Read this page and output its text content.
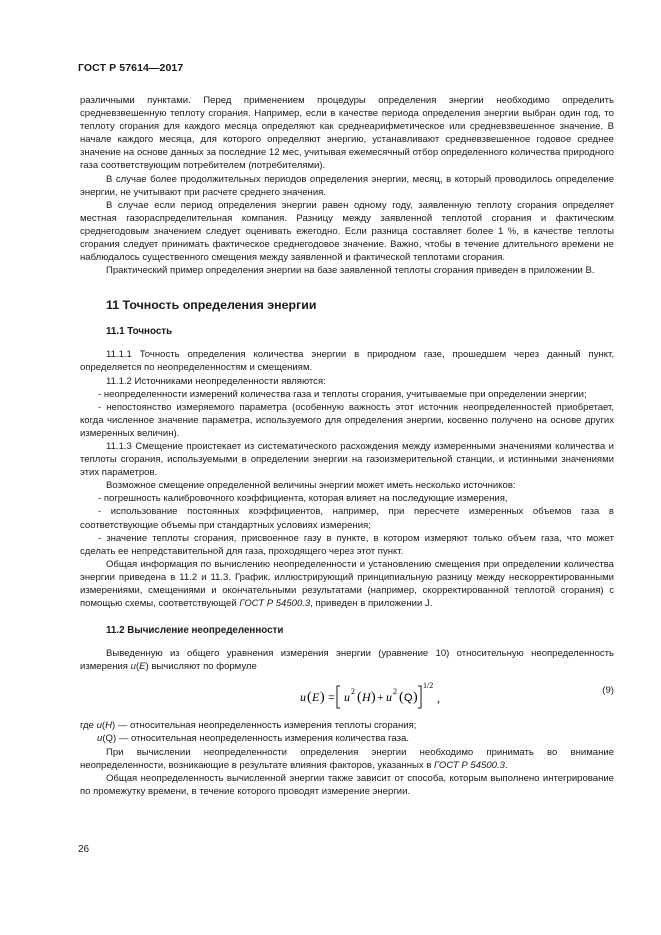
ГОСТ Р 57614—2017

различными пунктами. Перед применением процедуры определения энергии необходимо определить средневзвешенную теплоту сгорания. Например, если в качестве периода определения энергии выбран один год, то теплоту сгорания для каждого месяца определяют как среднеарифметическое или средневзвешенное значение. В начале каждого месяца, для которого определяют энергию, устанавливают средневзвешенное годовое среднее значение на основе данных за последние 12 мес, учитывая ежемесячный отбор определенного количества природного газа соответствующим потребителем (потребителями).

В случае более продолжительных периодов определения энергии, месяц, в который проводилось определение энергии, не учитывают при расчете среднего значения.

В случае если период определения энергии равен одному году, заявленную теплоту сгорания определяет местная газораспределительная компания. Разницу между заявленной теплотой сгорания и фактическим среднегодовым значением следует оценивать ежегодно. Если разница составляет более 1 %, в качестве теплоты сгорания следует принимать фактическое среднегодовое значение. Важно, чтобы в течение длительного времени не наблюдалось существенного смещения между заявленной и фактической теплотами сгорания.

Практический пример определения энергии на базе заявленной теплоты сгорания приведен в приложении В.

11 Точность определения энергии
11.1 Точность

11.1.1 Точность определения количества энергии в природном газе, прошедшем через данный пункт, определяется по неопределенностям и смещениям.

11.1.2 Источниками неопределенности являются:

- неопределенности измерений количества газа и теплоты сгорания, учитываемые при определении энергии;

- непостоянство измеряемого параметра (особенную важность этот источник неопределенностей приобретает, когда численное значение параметра, используемого для определения энергии, косвенно получено на основе других измеренных величин).

11.1.3 Смещение проистекает из систематического расхождения между измеренными значениями количества и теплоты сгорания, используемыми в определении энергии на газоизмерительной станции, и истинными значениями этих параметров.

Возможное смещение определенной величины энергии может иметь несколько источников:

- погрешность калибровочного коэффициента, которая влияет на последующие измерения,

- использование постоянных коэффициентов, например, при пересчете измеренных объемов газа в соответствующие объемы при стандартных условиях измерения;

- значение теплоты сгорания, присвоенное газу в пункте, в котором измеряют только объем газа, что может сделать ее непредставительной для газа, проходящего через этот пункт.

Общая информация по вычислению неопределенности и установлению смещения при определении количества энергии приведена в 11.2 и 11.3. График, иллюстрирующий принципиальную разницу между нескорректированными измерениями, смещениями и окончательными результатами (например, скорректированной теплотой сгорания) с помощью схемы, соответствующей ГОСТ Р 54500.3, приведен в приложении J.

11.2 Вычисление неопределенности

Выведенную из общего уравнения измерения энергии (уравнение 10) относительную неопределенность измерения u(E) вычисляют по формуле

u ( E ) = u 2 ( H ) + u 2 ( Q )
1/2
,
(9)

где u(H) — относительная неопределенность измерения теплоты сгорания;

u(Q) — относительная неопределенность измерения количества газа.

При вычислении неопределенности определения энергии необходимо принимать во внимание неопределенности, возникающие в результате влияния факторов, указанных в ГОСТ Р 54500.3.

Общая неопределенность вычисленной энергии также зависит от способа, которым выполнено интегрирование по промежутку времени, в течение которого проводят измерение энергии.

26
